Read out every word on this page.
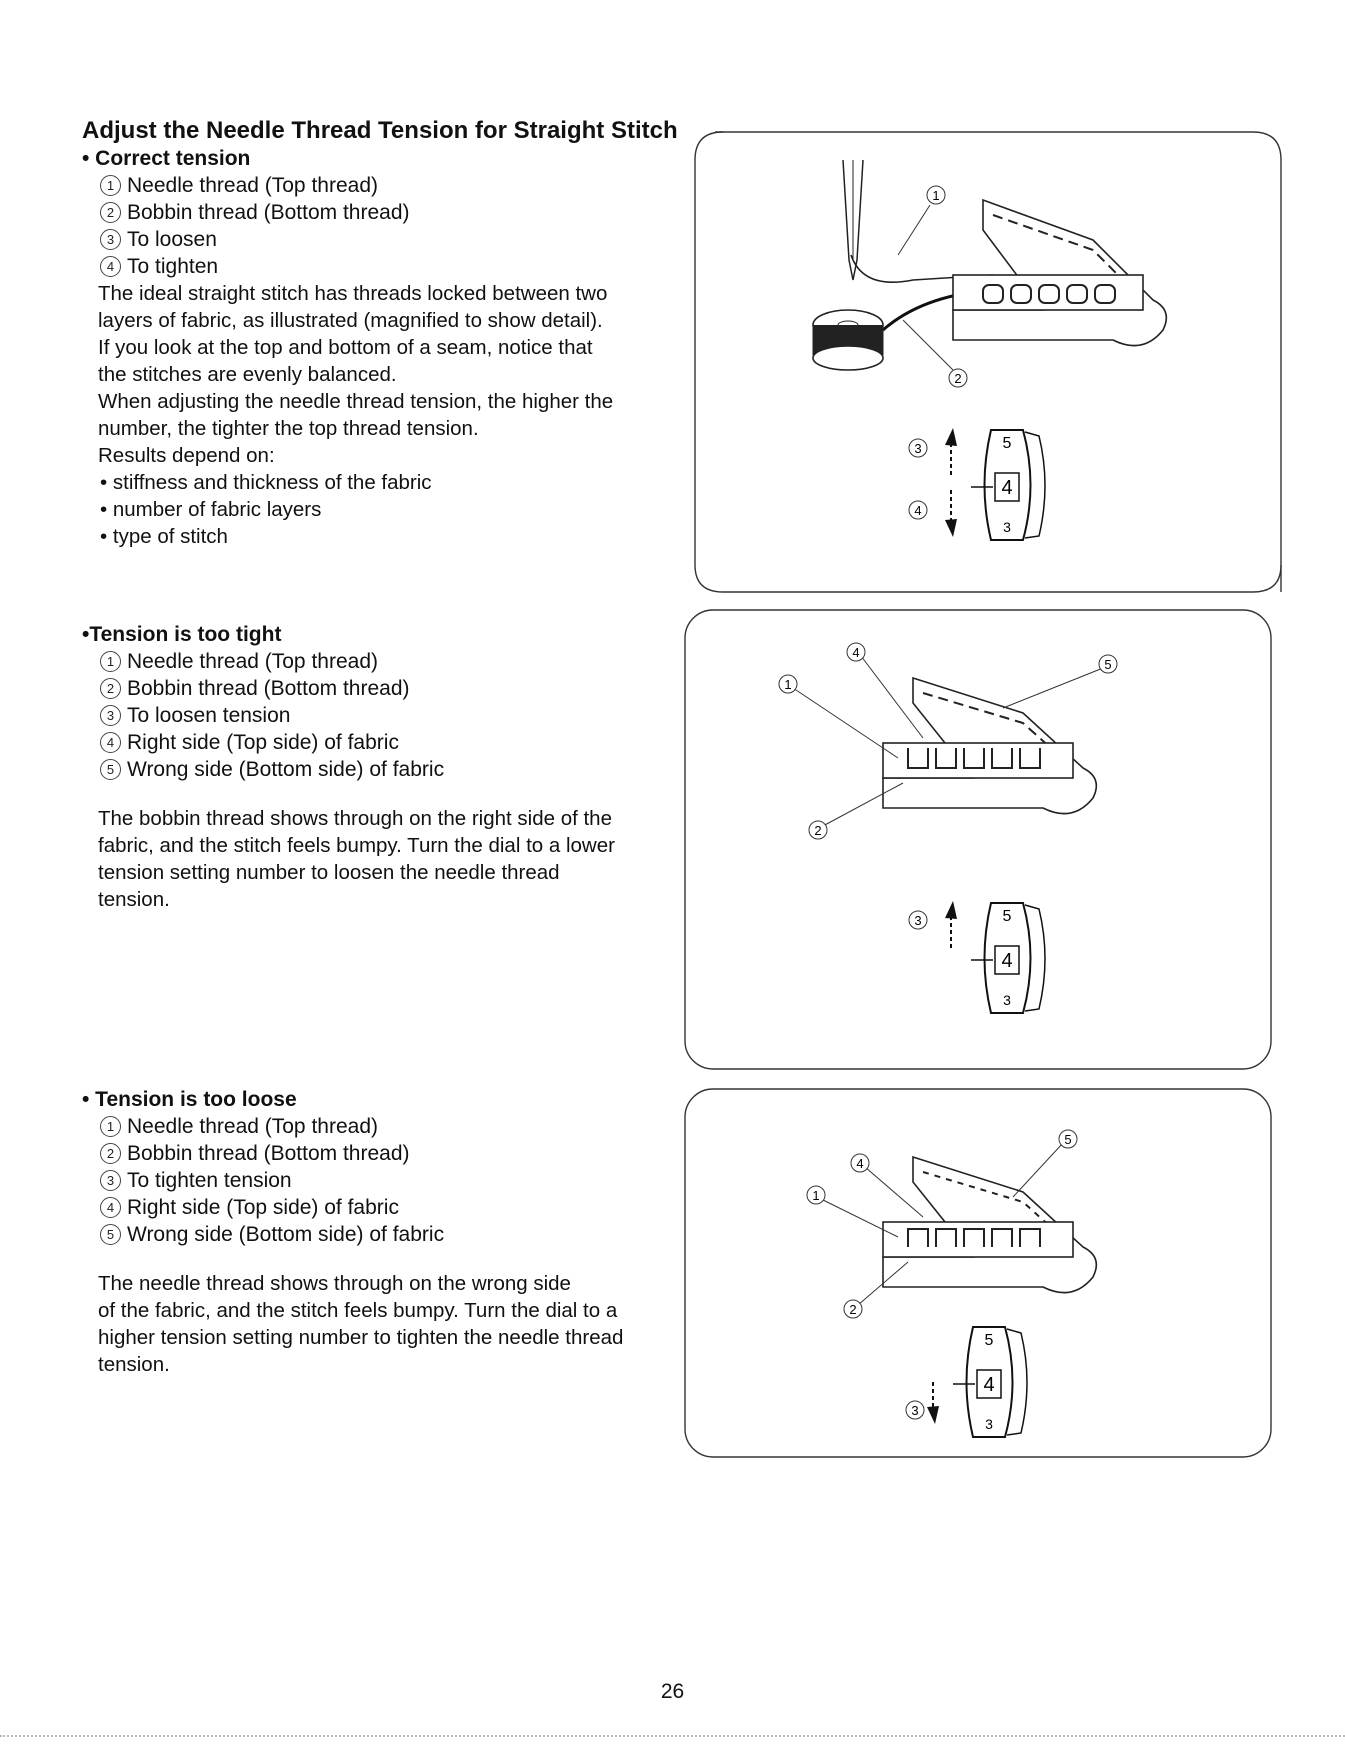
Adjust the Needle Thread Tension for Straight Stitch

• Correct tension

1 Needle thread (Top thread)
2 Bobbin thread (Bottom thread)
3 To loosen
4 To tighten

The ideal straight stitch has threads locked between two

layers of fabric, as illustrated (magnified to show detail).

If you look at the top and bottom of a seam, notice that

the stitches are evenly balanced.

When adjusting the needle thread tension, the higher the

number, the tighter the top thread tension.

Results depend on:

• stiffness and thickness of the fabric
• number of fabric layers
• type of stitch

•Tension is too tight

1 Needle thread (Top thread)
2 Bobbin thread (Bottom thread)
3 To loosen tension
4 Right side (Top side) of fabric
5 Wrong side (Bottom side) of fabric

The bobbin thread shows through on the right side of the

fabric, and the stitch feels bumpy. Turn the dial to a lower

tension setting number to loosen the needle thread

tension.

• Tension is too loose

1 Needle thread (Top thread)
2 Bobbin thread (Bottom thread)
3 To tighten tension
4 Right side (Top side) of fabric
5 Wrong side (Bottom side) of fabric

The needle thread shows through on the wrong side

of the fabric, and the stitch feels bumpy. Turn the dial to a

higher tension setting number to tighten the needle thread

tension.

1
2
3
4
5
4
3
1
2
4
5
3	5
4
3
1
2
4
5
3
5
4
3
26
